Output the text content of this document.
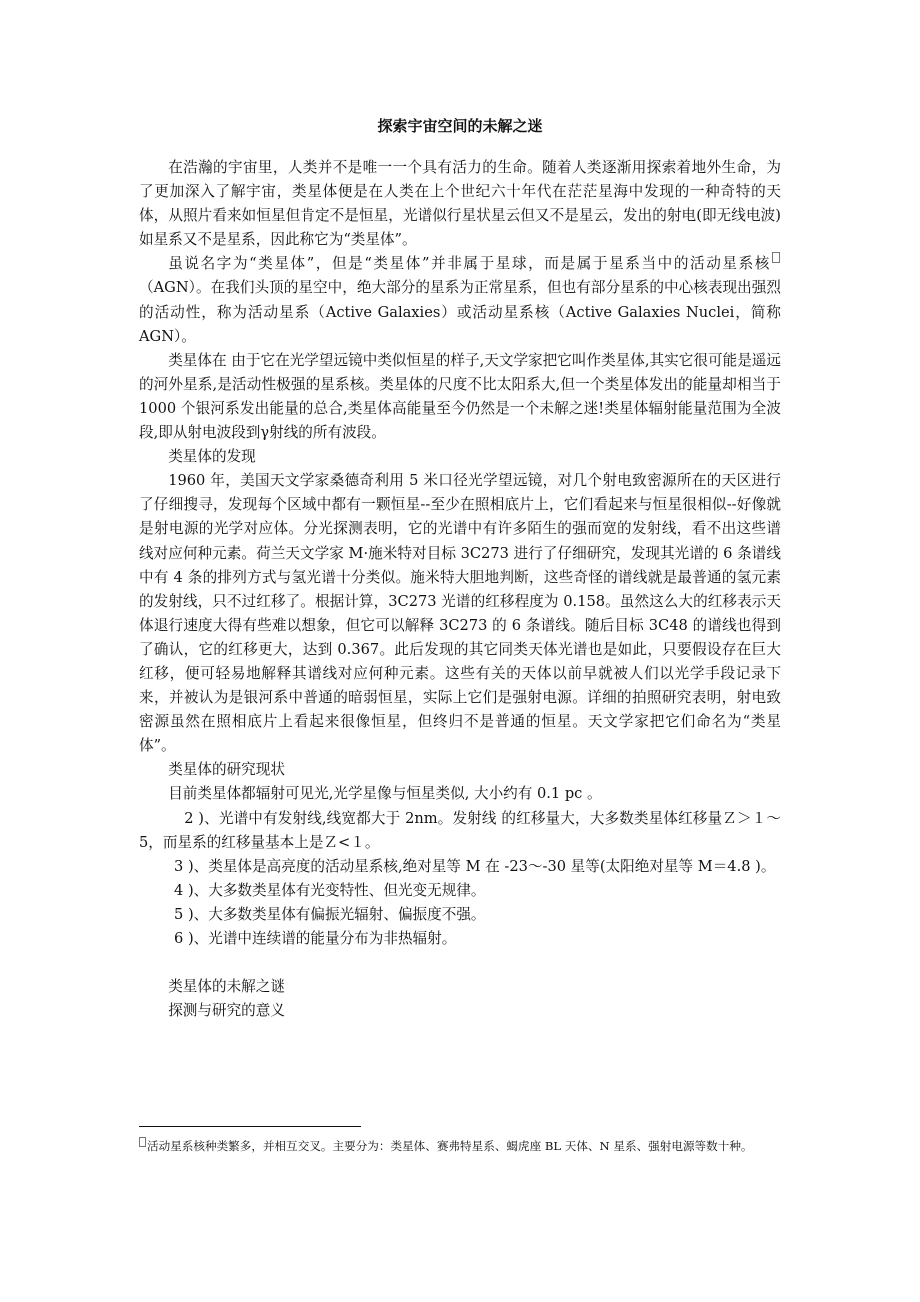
探索宇宙空间的未解之迷

在浩瀚的宇宙里，人类并不是唯一一个具有活力的生命。随着人类逐渐用探索着地外生命，为了更加深入了解宇宙，类星体便是在人类在上个世纪六十年代在茫茫星海中发现的一种奇特的天体，从照片看来如恒星但肯定不是恒星，光谱似行星状星云但又不是星云，发出的射电(即无线电波)如星系又不是星系，因此称它为“类星体”。

虽说名字为“类星体”，但是“类星体”并非属于星球，而是属于星系当中的活动星系核（AGN）。在我们头顶的星空中，绝大部分的星系为正常星系，但也有部分星系的中心核表现出强烈的活动性，称为活动星系（Active Galaxies）或活动星系核（Active Galaxies Nuclei，简称 AGN）。

类星体在 由于它在光学望远镜中类似恒星的样子,天文学家把它叫作类星体,其实它很可能是遥远的河外星系,是活动性极强的星系核。类星体的尺度不比太阳系大,但一个类星体发出的能量却相当于 1000 个银河系发出能量的总合,类星体高能量至今仍然是一个未解之迷!类星体辐射能量范围为全波段,即从射电波段到γ射线的所有波段。

类星体的发现

1960 年，美国天文学家桑德奇利用 5 米口径光学望远镜，对几个射电致密源所在的天区进行了仔细搜寻，发现每个区域中都有一颗恒星--至少在照相底片上，它们看起来与恒星很相似--好像就是射电源的光学对应体。分光探测表明，它的光谱中有许多陌生的强而宽的发射线，看不出这些谱线对应何种元素。荷兰天文学家 M·施米特对目标 3C273 进行了仔细研究，发现其光谱的 6 条谱线中有 4 条的排列方式与氢光谱十分类似。施米特大胆地判断，这些奇怪的谱线就是最普通的氢元素的发射线，只不过红移了。根据计算，3C273 光谱的红移程度为 0.158。虽然这么大的红移表示天体退行速度大得有些难以想象，但它可以解释 3C273 的 6 条谱线。随后目标 3C48 的谱线也得到了确认，它的红移更大，达到 0.367。此后发现的其它同类天体光谱也是如此，只要假设存在巨大红移，便可轻易地解释其谱线对应何种元素。这些有关的天体以前早就被人们以光学手段记录下来，并被认为是银河系中普通的暗弱恒星，实际上它们是强射电源。详细的拍照研究表明，射电致密源虽然在照相底片上看起来很像恒星，但终归不是普通的恒星。天文学家把它们命名为“类星体”。

类星体的研究现状

目前类星体都辐射可见光,光学星像与恒星类似, 大小约有 0.1 pc 。

2 )、光谱中有发射线,线宽都大于 2nm。发射线 的红移量大，大多数类星体红移量Ｚ＞１～5，而星系的红移量基本上是Ｚ<１。

3 )、类星体是高亮度的活动星系核,绝对星等 M 在 -23～-30 星等(太阳绝对星等 M＝4.8 )。

4 )、大多数类星体有光变特性、但光变无规律。

5 )、大多数类星体有偏振光辐射、偏振度不强。

6 )、光谱中连续谱的能量分布为非热辐射。

类星体的未解之谜

探测与研究的意义

活动星系核种类繁多，并相互交叉。主要分为：类星体、赛弗特星系、蝎虎座 BL 天体、N 星系、强射电源等数十种。
